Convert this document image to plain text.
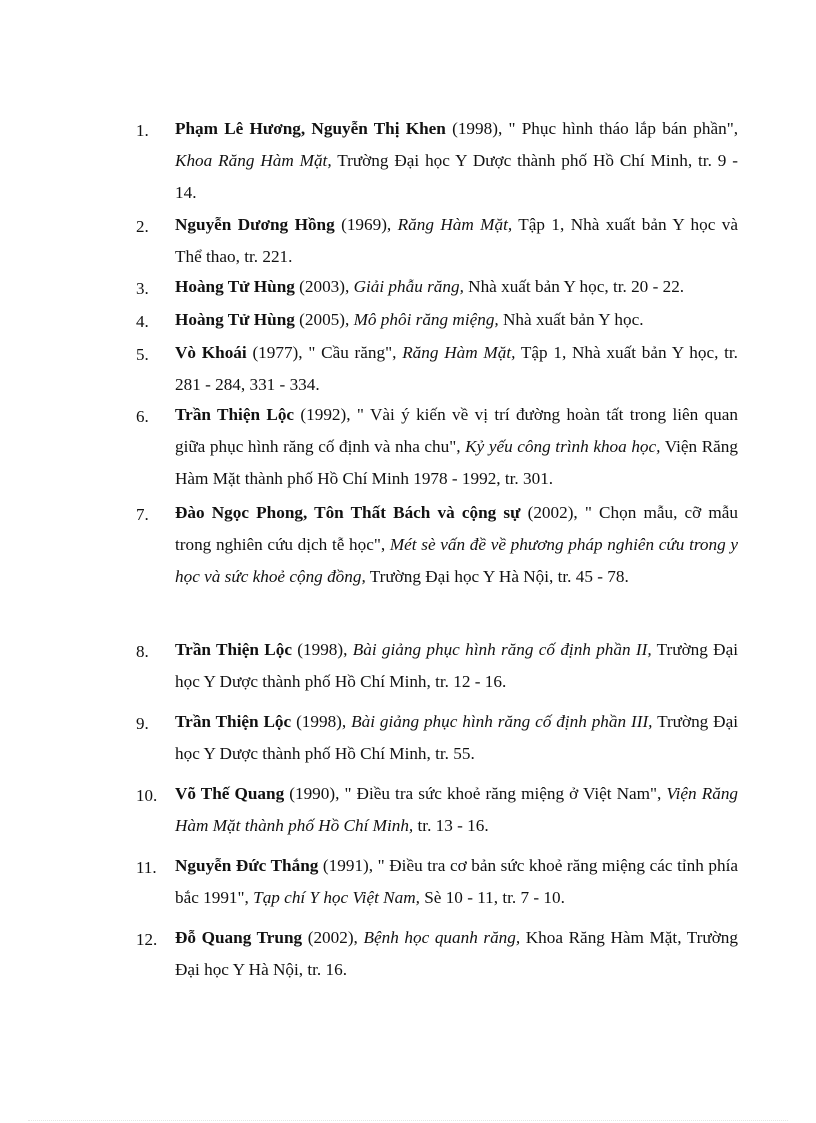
1.	Phạm Lê Hương, Nguyễn Thị Khen (1998), " Phục hình tháo lắp bán phần", Khoa Răng Hàm Mặt, Trường Đại học Y Dược thành phố Hồ Chí Minh, tr. 9 - 14.
2.	Nguyễn Dương Hồng (1969), Răng Hàm Mặt, Tập 1, Nhà xuất bản Y học và Thể thao, tr. 221.
3.	Hoàng Tử Hùng (2003), Giải phẫu răng, Nhà xuất bản Y học, tr. 20 - 22.
4.	Hoàng Tử Hùng (2005), Mô phôi răng miệng, Nhà xuất bản Y học.
5.	Vò Khoái (1977), " Cầu răng", Răng Hàm Mặt, Tập 1, Nhà xuất bản Y học, tr. 281 - 284, 331 - 334.
6.	Trần Thiện Lộc (1992), " Vài ý kiến về vị trí đường hoàn tất trong liên quan giữa phục hình răng cố định và nha chu", Kỷ yếu công trình khoa học, Viện Răng Hàm Mặt thành phố Hồ Chí Minh 1978 - 1992, tr. 301.
7.	Đào Ngọc Phong, Tôn Thất Bách và cộng sự (2002), " Chọn mẫu, cỡ mẫu trong nghiên cứu dịch tễ học", Mét sè vấn đề về phương pháp nghiên cứu trong y học và sức khoẻ cộng đồng, Trường Đại học Y Hà Nội, tr. 45 - 78.
8.	Trần Thiện Lộc (1998), Bài giảng phục hình răng cố định phần II, Trường Đại học Y Dược thành phố Hồ Chí Minh, tr. 12 - 16.
9.	Trần Thiện Lộc (1998), Bài giảng phục hình răng cố định phần III, Trường Đại học Y Dược thành phố Hồ Chí Minh, tr. 55.
10.	Võ Thế Quang (1990), " Điều tra sức khoẻ răng miệng ở Việt Nam", Viện Răng Hàm Mặt thành phố Hồ Chí Minh, tr. 13 - 16.
11.	Nguyễn Đức Thắng (1991), " Điều tra cơ bản sức khoẻ răng miệng các tỉnh phía bắc 1991", Tạp chí Y học Việt Nam, Sè 10 - 11, tr. 7 - 10.
12.	Đỗ Quang Trung (2002), Bệnh học quanh răng, Khoa Răng Hàm Mặt, Trường Đại học Y Hà Nội, tr. 16.
